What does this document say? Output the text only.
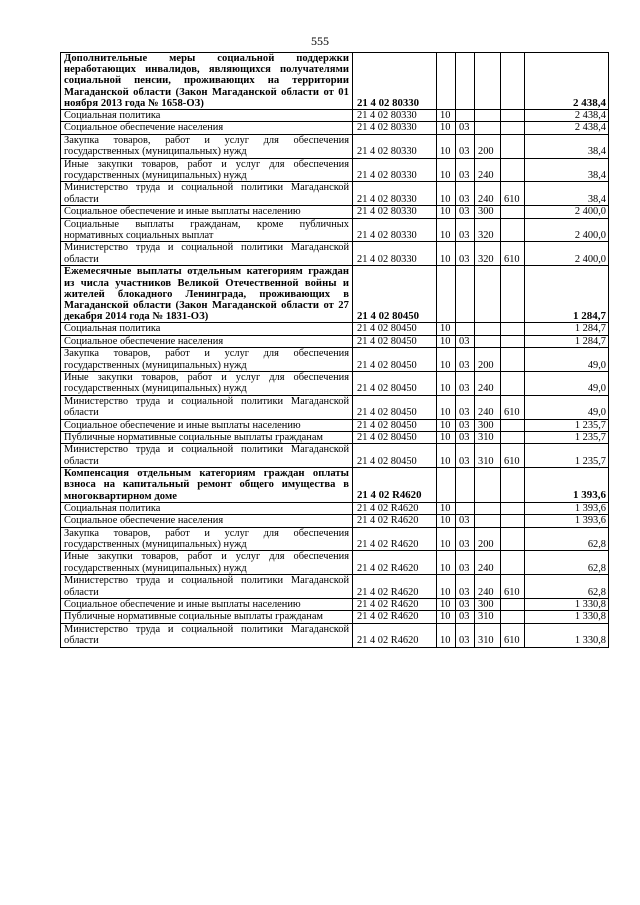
555
Дополнительные меры социальной поддержки неработающих инвалидов, являющихся получателями социальной пенсии, проживающих на территории Магаданской области (Закон Магаданской области от 01 ноября 2013 года № 1658-ОЗ)	21 4 02 80330					2 438,4
Социальная политика	21 4 02 80330	10				2 438,4
Социальное обеспечение населения	21 4 02 80330	10	03			2 438,4
Закупка товаров, работ и услуг для обеспечения государственных (муниципальных) нужд	21 4 02 80330	10	03	200		38,4
Иные закупки товаров, работ и услуг для обеспечения государственных (муниципальных) нужд	21 4 02 80330	10	03	240		38,4
Министерство труда и социальной политики Магаданской области	21 4 02 80330	10	03	240	610	38,4
Социальное обеспечение и иные выплаты населению	21 4 02 80330	10	03	300		2 400,0
Социальные выплаты гражданам, кроме публичных нормативных социальных выплат	21 4 02 80330	10	03	320		2 400,0
Министерство труда и социальной политики Магаданской области	21 4 02 80330	10	03	320	610	2 400,0
Ежемесячные выплаты отдельным категориям граждан из числа участников Великой Отечественной войны и жителей блокадного Ленинграда, проживающих в Магаданской области (Закон Магаданской области от 27 декабря 2014 года № 1831-ОЗ)	21 4 02 80450					1 284,7
Социальная политика	21 4 02 80450	10				1 284,7
Социальное обеспечение населения	21 4 02 80450	10	03			1 284,7
Закупка товаров, работ и услуг для обеспечения государственных (муниципальных) нужд	21 4 02 80450	10	03	200		49,0
Иные закупки товаров, работ и услуг для обеспечения государственных (муниципальных) нужд	21 4 02 80450	10	03	240		49,0
Министерство труда и социальной политики Магаданской области	21 4 02 80450	10	03	240	610	49,0
Социальное обеспечение и иные выплаты населению	21 4 02 80450	10	03	300		1 235,7
Публичные нормативные социальные выплаты гражданам	21 4 02 80450	10	03	310		1 235,7
Министерство труда и социальной политики Магаданской области	21 4 02 80450	10	03	310	610	1 235,7
Компенсация отдельным категориям граждан оплаты взноса на капитальный ремонт общего имущества в многоквартирном доме	21 4 02 R4620					1 393,6
Социальная политика	21 4 02 R4620	10				1 393,6
Социальное обеспечение населения	21 4 02 R4620	10	03			1 393,6
Закупка товаров, работ и услуг для обеспечения государственных (муниципальных) нужд	21 4 02 R4620	10	03	200		62,8
Иные закупки товаров, работ и услуг для обеспечения государственных (муниципальных) нужд	21 4 02 R4620	10	03	240		62,8
Министерство труда и социальной политики Магаданской области	21 4 02 R4620	10	03	240	610	62,8
Социальное обеспечение и иные выплаты населению	21 4 02 R4620	10	03	300		1 330,8
Публичные нормативные социальные выплаты гражданам	21 4 02 R4620	10	03	310		1 330,8
Министерство труда и социальной политики Магаданской области	21 4 02 R4620	10	03	310	610	1 330,8
